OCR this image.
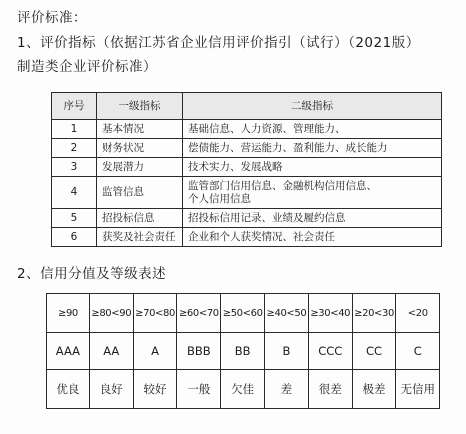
评价标准：
1、评价指标（依据江苏省企业信用评价指引（试行）（2021版）
制造类企业评价标准）
序号	一级指标	二级指标
1	基本情况	基础信息、人力资源、管理能力、
2	财务状况	偿债能力、营运能力、盈利能力、成长能力
3	发展潜力	技术实力、发展战略
4	监管信息	监管部门信用信息、金融机构信用信息、
个人信用信息

5	招投标信息	招投标信用记录、业绩及履约信息
6	获奖及社会责任	企业和个人获奖情况、社会责任
2、信用分值及等级表述
≥90	≥80<90	≥70<80	≥60<70	≥50<60	≥40<50	≥30<40	≥20<30	<20
AAA	AA	A	BBB	BB	B	CCC	CC	C
优良	良好	较好	一般	欠佳	差	很差	极差	无信用
